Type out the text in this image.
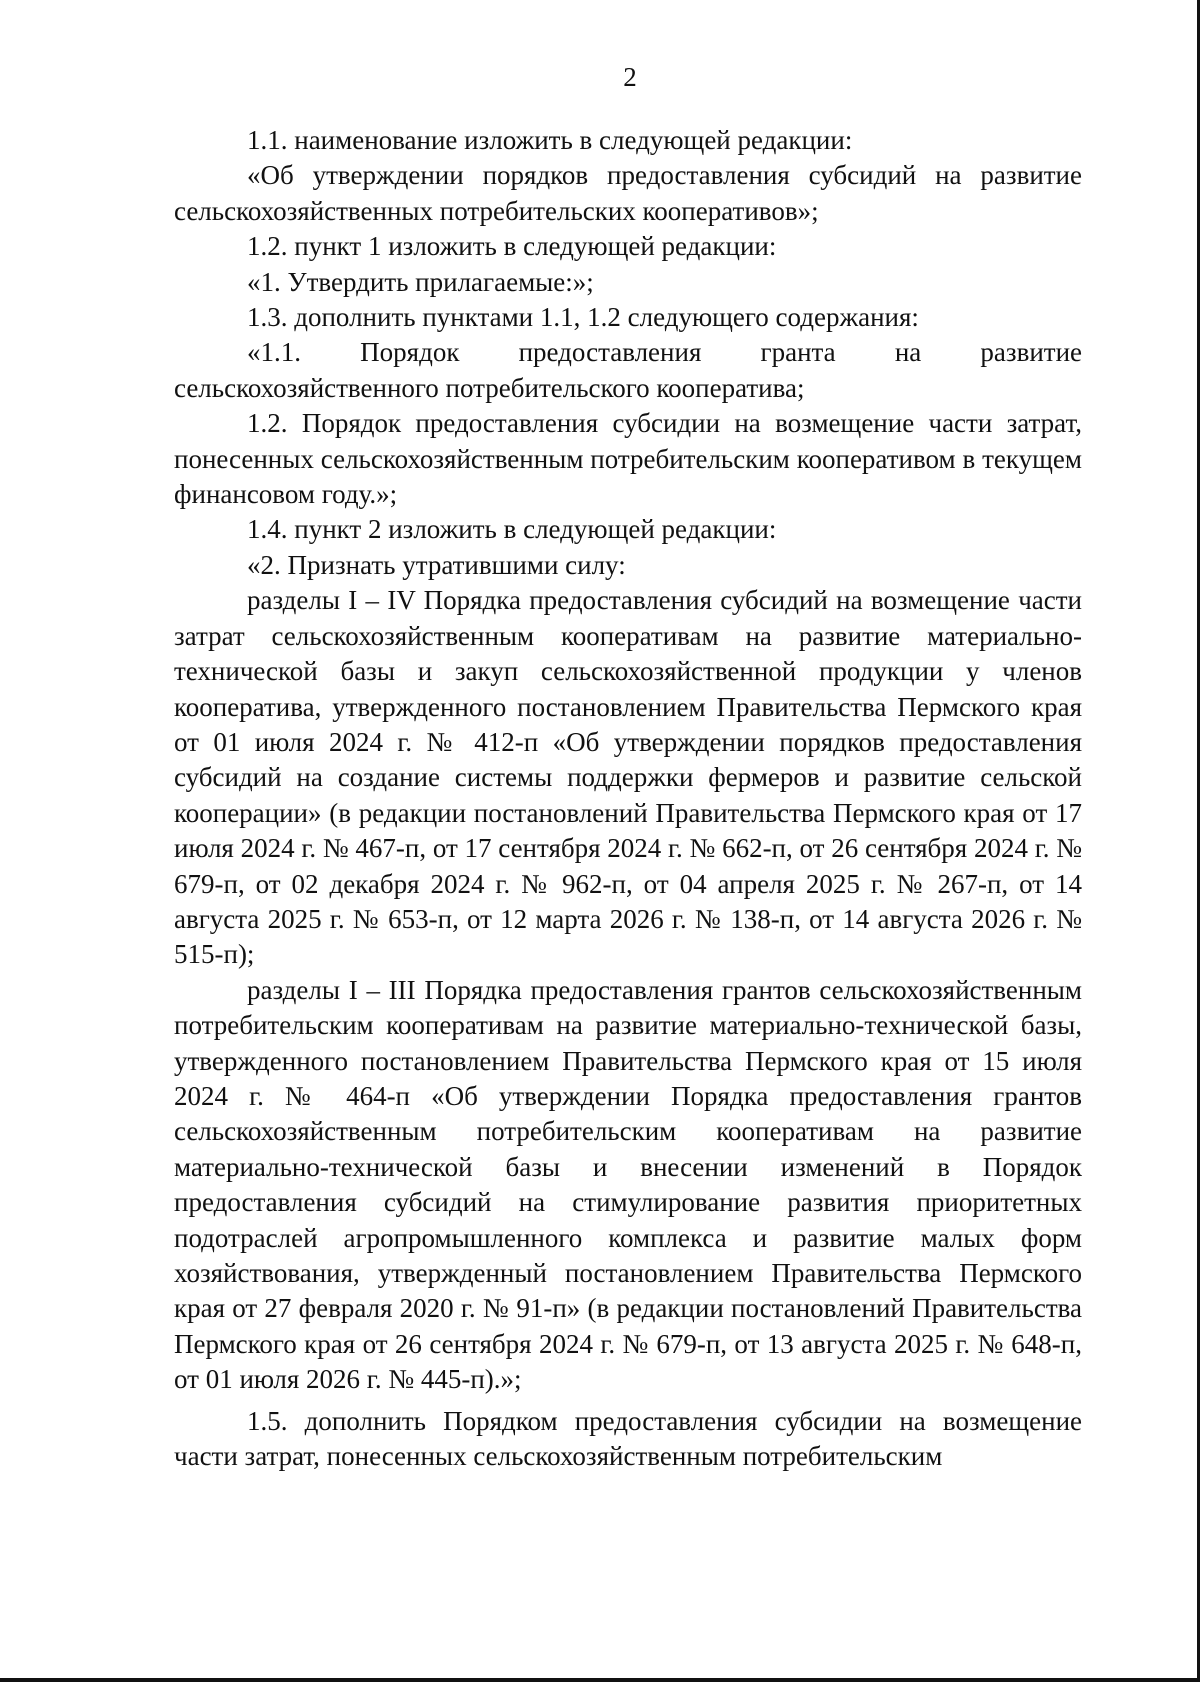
2

1.1. наименование изложить в следующей редакции:

«Об утверждении порядков предоставления субсидий на развитие сельскохозяйственных потребительских кооперативов»;

1.2. пункт 1 изложить в следующей редакции:

«1. Утвердить прилагаемые:»;

1.3. дополнить пунктами 1.1, 1.2 следующего содержания:

«1.1. Порядок предоставления гранта на развитие сельскохозяйственного потребительского кооператива;

1.2. Порядок предоставления субсидии на возмещение части затрат, понесенных сельскохозяйственным потребительским кооперативом в текущем финансовом году.»;

1.4. пункт 2 изложить в следующей редакции:

«2. Признать утратившими силу:

разделы I – IV Порядка предоставления субсидий на возмещение части затрат сельскохозяйственным кооперативам на развитие материально-технической базы и закуп сельскохозяйственной продукции у членов кооператива, утвержденного постановлением Правительства Пермского края от 01 июля 2024 г. № 412-п «Об утверждении порядков предоставления субсидий на создание системы поддержки фермеров и развитие сельской кооперации» (в редакции постановлений Правительства Пермского края от 17 июля 2024 г. № 467-п, от 17 сентября 2024 г. № 662-п, от 26 сентября 2024 г. № 679-п, от 02 декабря 2024 г. № 962-п, от 04 апреля 2025 г. № 267-п, от 14 августа 2025 г. № 653-п, от 12 марта 2026 г. № 138-п, от 14 августа 2026 г. № 515-п);

разделы I – III Порядка предоставления грантов сельскохозяйственным потребительским кооперативам на развитие материально-технической базы, утвержденного постановлением Правительства Пермского края от 15 июля 2024 г. № 464-п «Об утверждении Порядка предоставления грантов сельскохозяйственным потребительским кооперативам на развитие материально-технической базы и внесении изменений в Порядок предоставления субсидий на стимулирование развития приоритетных подотраслей агропромышленного комплекса и развитие малых форм хозяйствования, утвержденный постановлением Правительства Пермского края от 27 февраля 2020 г. № 91-п» (в редакции постановлений Правительства Пермского края от 26 сентября 2024 г. № 679-п, от 13 августа 2025 г. № 648-п, от 01 июля 2026 г. № 445-п).»;

1.5. дополнить Порядком предоставления субсидии на возмещение части затрат, понесенных сельскохозяйственным потребительским
